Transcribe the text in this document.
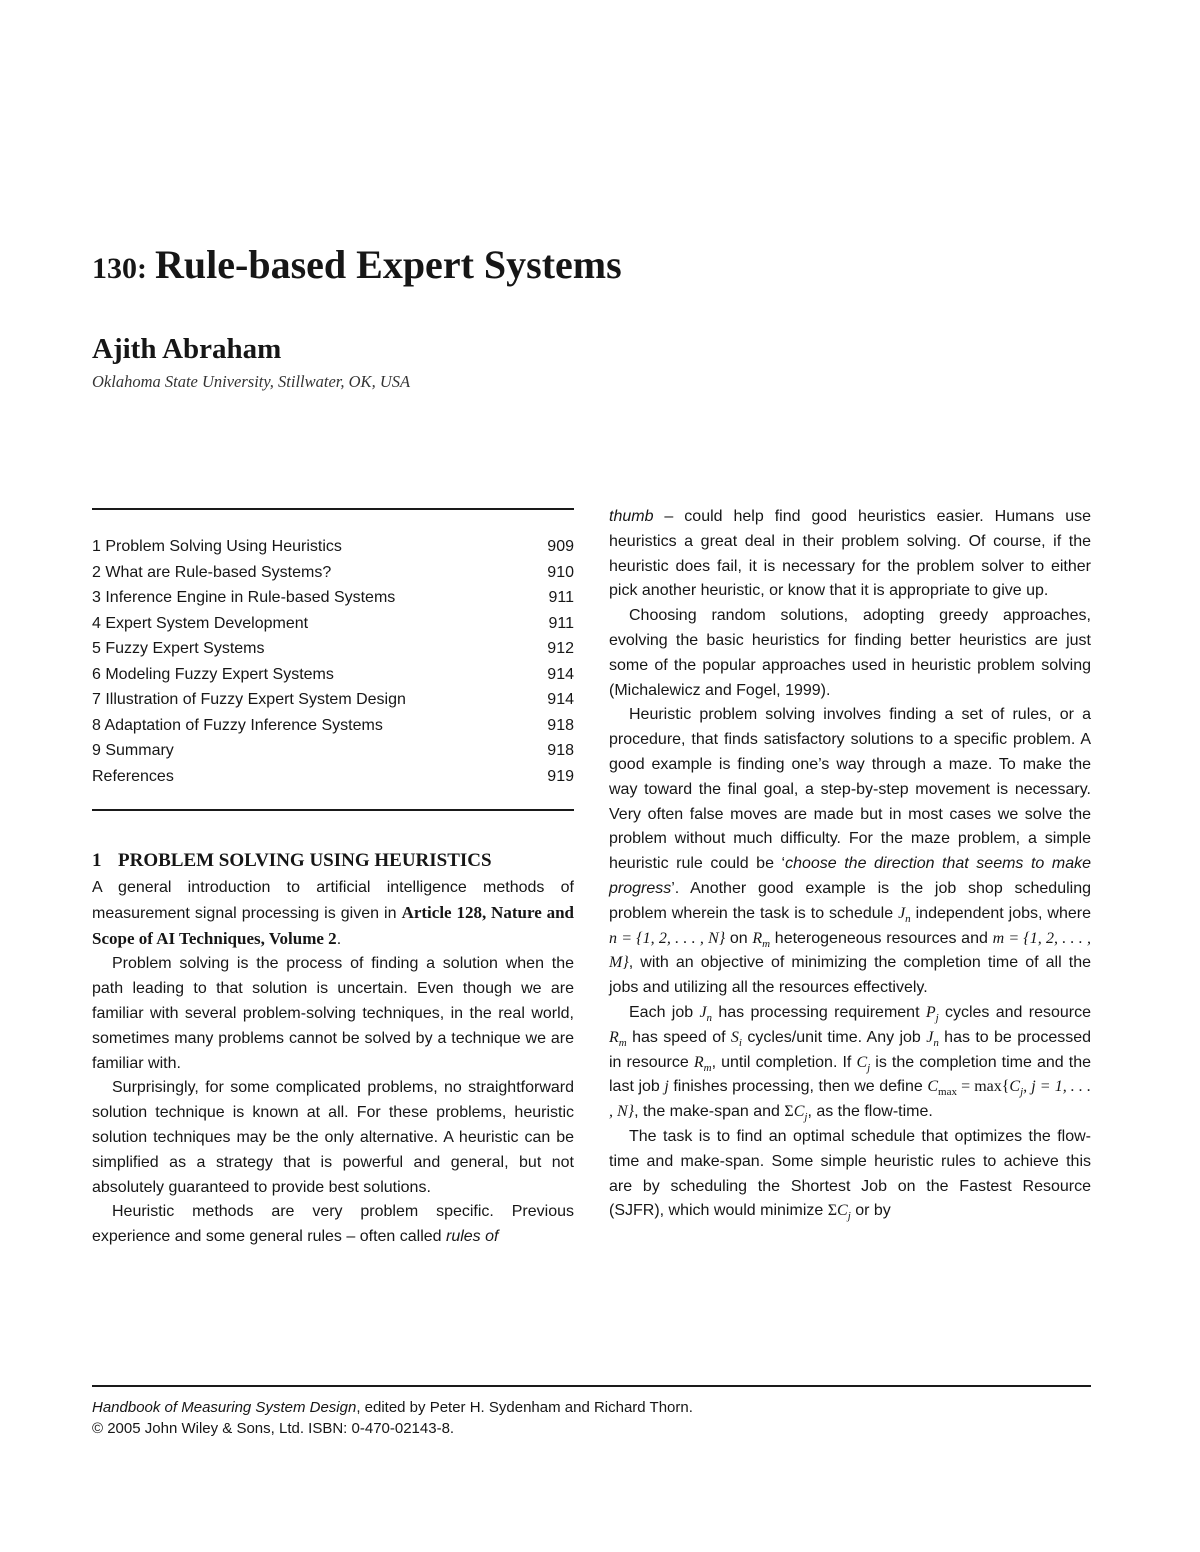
130: Rule-based Expert Systems
Ajith Abraham
Oklahoma State University, Stillwater, OK, USA
1 Problem Solving Using Heuristics	909
2 What are Rule-based Systems?	910
3 Inference Engine in Rule-based Systems	911
4 Expert System Development	911
5 Fuzzy Expert Systems	912
6 Modeling Fuzzy Expert Systems	914
7 Illustration of Fuzzy Expert System Design	914
8 Adaptation of Fuzzy Inference Systems	918
9 Summary	918
References	919
1 PROBLEM SOLVING USING HEURISTICS

A general introduction to artificial intelligence methods of measurement signal processing is given in Article 128, Nature and Scope of AI Techniques, Volume 2.

Problem solving is the process of finding a solution when the path leading to that solution is uncertain. Even though we are familiar with several problem-solving techniques, in the real world, sometimes many problems cannot be solved by a technique we are familiar with.

Surprisingly, for some complicated problems, no straightforward solution technique is known at all. For these problems, heuristic solution techniques may be the only alternative. A heuristic can be simplified as a strategy that is powerful and general, but not absolutely guaranteed to provide best solutions.

Heuristic methods are very problem specific. Previous experience and some general rules – often called rules of

thumb – could help find good heuristics easier. Humans use heuristics a great deal in their problem solving. Of course, if the heuristic does fail, it is necessary for the problem solver to either pick another heuristic, or know that it is appropriate to give up.

Choosing random solutions, adopting greedy approaches, evolving the basic heuristics for finding better heuristics are just some of the popular approaches used in heuristic problem solving (Michalewicz and Fogel, 1999).

Heuristic problem solving involves finding a set of rules, or a procedure, that finds satisfactory solutions to a specific problem. A good example is finding one’s way through a maze. To make the way toward the final goal, a step-by-step movement is necessary. Very often false moves are made but in most cases we solve the problem without much difficulty. For the maze problem, a simple heuristic rule could be ‘choose the direction that seems to make progress’. Another good example is the job shop scheduling problem wherein the task is to schedule $J_n$ independent jobs, where n = {1, 2, . . . , N} on $R_m$ heterogeneous resources and m = {1, 2, . . . , M}, with an objective of minimizing the completion time of all the jobs and utilizing all the resources effectively.

Each job $J_n$ has processing requirement $P_j$ cycles and resource $R_m$ has speed of $S_i$ cycles/unit time. Any job $J_n$ has to be processed in resource $R_m$, until completion. If $C_j$ is the completion time and the last job j finishes processing, then we define $C_{max} = \max\{C_j$, j = 1, . . . , N}, the make-span and $\Sigma C_j$, as the flow-time.

The task is to find an optimal schedule that optimizes the flow-time and make-span. Some simple heuristic rules to achieve this are by scheduling the Shortest Job on the Fastest Resource (SJFR), which would minimize $\Sigma C_j$ or by

Handbook of Measuring System Design, edited by Peter H. Sydenham and Richard Thorn.
© 2005 John Wiley & Sons, Ltd. ISBN: 0-470-02143-8.
